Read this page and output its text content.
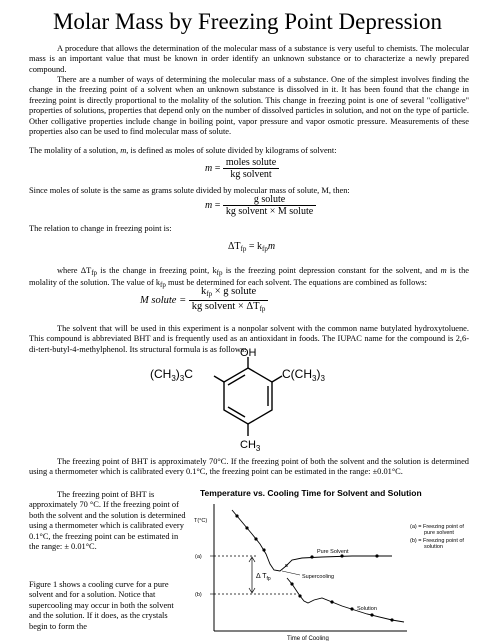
Molar Mass by Freezing Point Depression

A procedure that allows the determination of the molecular mass of a substance is very useful to chemists. The molecular mass is an important value that must be known in order identify an unknown substance or to characterize a newly prepared compound.

There are a number of ways of determining the molecular mass of a substance. One of the simplest involves finding the change in the freezing point of a solvent when an unknown substance is dissolved in it. It has been found that the change in freezing point is directly proportional to the molality of the solution. This change in freezing point is one of several "colligative" properties of solutions, properties that depend only on the number of dissolved particles in solution, and not on the type of particle. Other colligative properties include change in boiling point, vapor pressure and vapor osmotic pressure. Measurements of these properties also can be used to find molecular mass of solute.

The molality of a solution, m, is defined as moles of solute divided by kilograms of solvent:

$m = \frac{\text{moles solute}}{\text{kg solvent}}$

Since moles of solute is the same as grams solute divided by molecular mass of solute, M, then:

$m = \frac{\text{g solute}}{\text{kg solvent × M solute}}$

The relation to change in freezing point is:

$\Delta T_{fp} = k_{fp}m$

where $\Delta T_{fp}$ is the change in freezing point, $k_{fp}$ is the freezing point depression constant for the solvent, and m is the molality of the solution. The value of $k_{fp}$ must be determined for each solvent. The equations are combined as follows:

M solute = $\frac{k_{fp} \times g solute}{kg solvent \times \Delta T_{fp}}$

The solvent that will be used in this experiment is a nonpolar solvent with the common name butylated hydroxytoluene. This compound is abbreviated BHT and is frequently used as an antioxidant in foods. The IUPAC name for the compound is 2,6-di-tert-butyl-4-methylphenol. Its structural formula is as follows:

OH
$(CH_3)_3C$	$C(CH_3)_3$
$CH_3$

The freezing point of BHT is approximately 70°C. If the freezing point of both the solvent and the solution is determined using a thermometer which is calibrated every 0.1°C, the freezing point can be estimated in the range: ±0.01°C.

The freezing point of BHT is approximately 70 °C. If the freezing point of both the solvent and the solution is determined using a thermometer which is calibrated every 0.1°C, the freezing point can be estimated in the range: ± 0.01°C.

Figure 1 shows a cooling curve for a pure solvent and for a solution. Notice that supercooling may occur in both the solvent and the solution. If it does, as the crystals begin to form the

Temperature vs. Cooling Time for Solvent and Solution
T(°C)
Time of Cooling
(a)
(b)
B
Pure Solvent
Supercooling
Solution
Δ $T_{fp}$
(a) = Freezing point of pure solvent
(b) = Freezing point of solution
